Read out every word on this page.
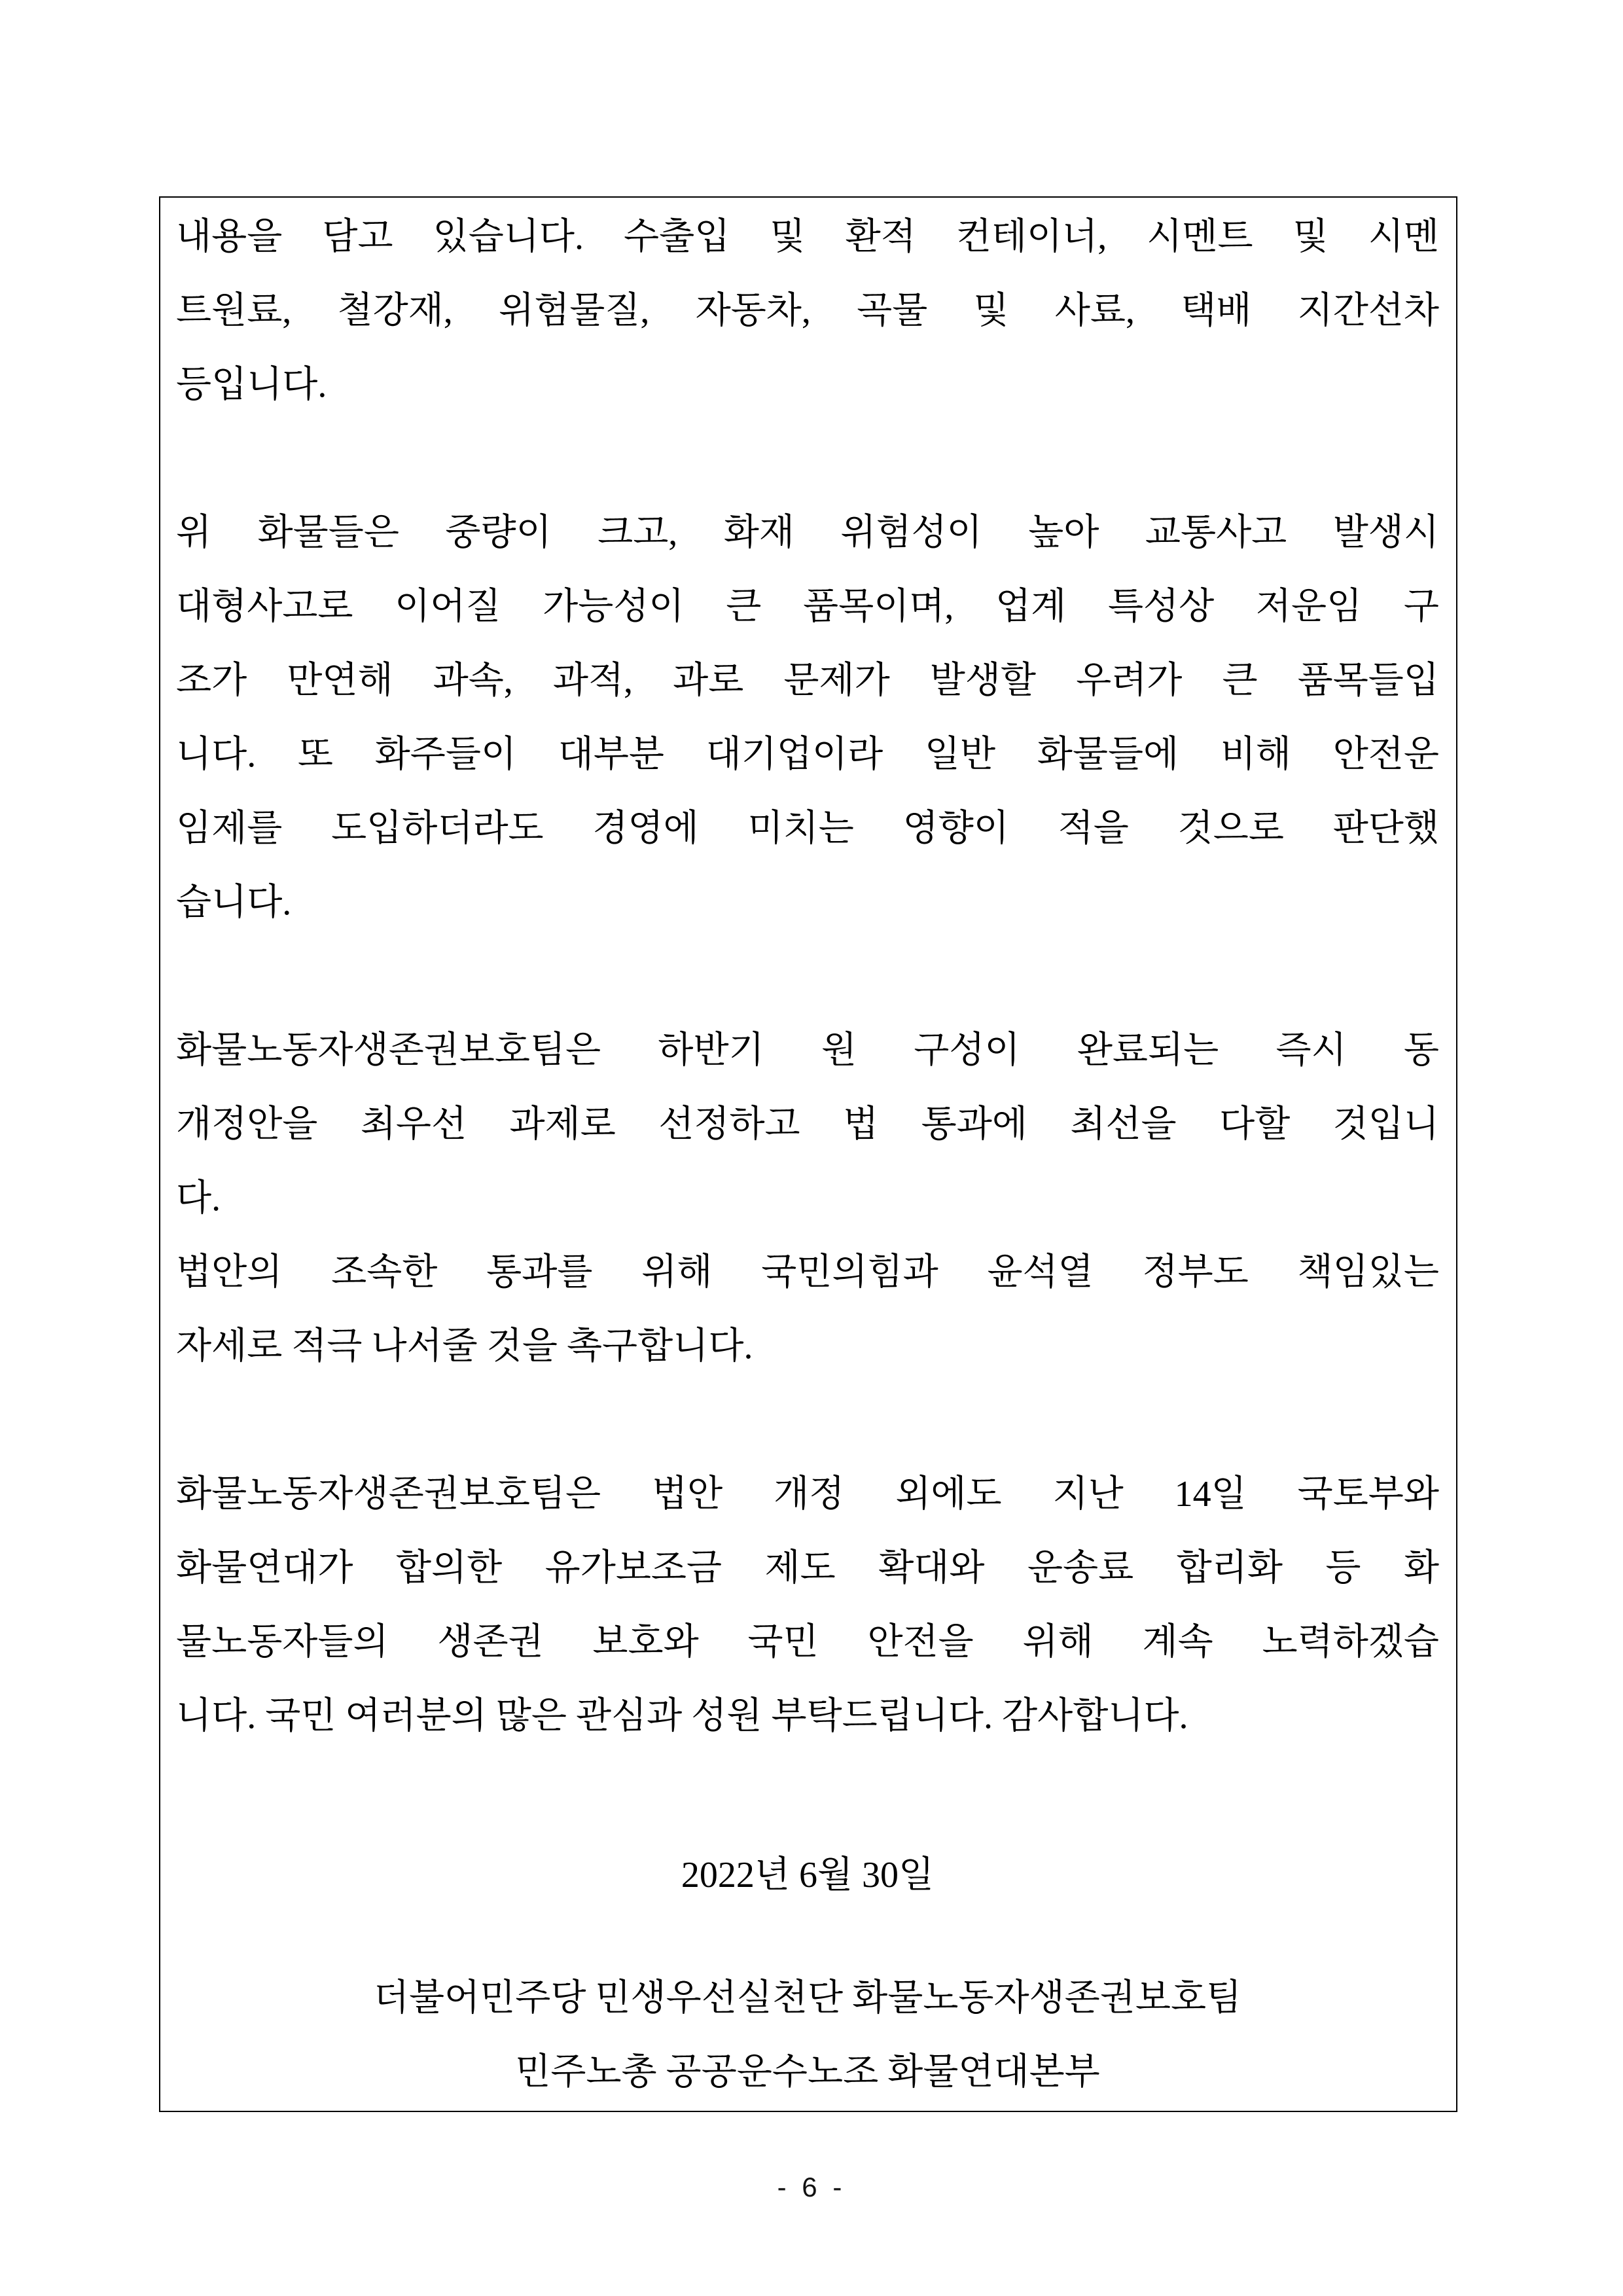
내용을 담고 있습니다. 수출입 및 환적 컨테이너, 시멘트 및 시멘
트원료, 철강재, 위험물질, 자동차, 곡물 및 사료, 택배 지간선차
등입니다.
위 화물들은 중량이 크고, 화재 위험성이 높아 교통사고 발생시
대형사고로 이어질 가능성이 큰 품목이며, 업계 특성상 저운임 구
조가 만연해 과속, 과적, 과로 문제가 발생할 우려가 큰 품목들입
니다. 또 화주들이 대부분 대기업이라 일반 화물들에 비해 안전운
임제를 도입하더라도 경영에 미치는 영향이 적을 것으로 판단했
습니다.
화물노동자생존권보호팀은 하반기 원 구성이 완료되는 즉시 동
개정안을 최우선 과제로 선정하고 법 통과에 최선을 다할 것입니
다.
법안의 조속한 통과를 위해 국민의힘과 윤석열 정부도 책임있는
자세로 적극 나서줄 것을 촉구합니다.
화물노동자생존권보호팀은 법안 개정 외에도 지난 14일 국토부와
화물연대가 합의한 유가보조금 제도 확대와 운송료 합리화 등 화
물노동자들의 생존권 보호와 국민 안전을 위해 계속 노력하겠습
니다. 국민 여러분의 많은 관심과 성원 부탁드립니다. 감사합니다.
2022년 6월 30일
더불어민주당 민생우선실천단 화물노동자생존권보호팀
민주노총 공공운수노조 화물연대본부
- 6 -
